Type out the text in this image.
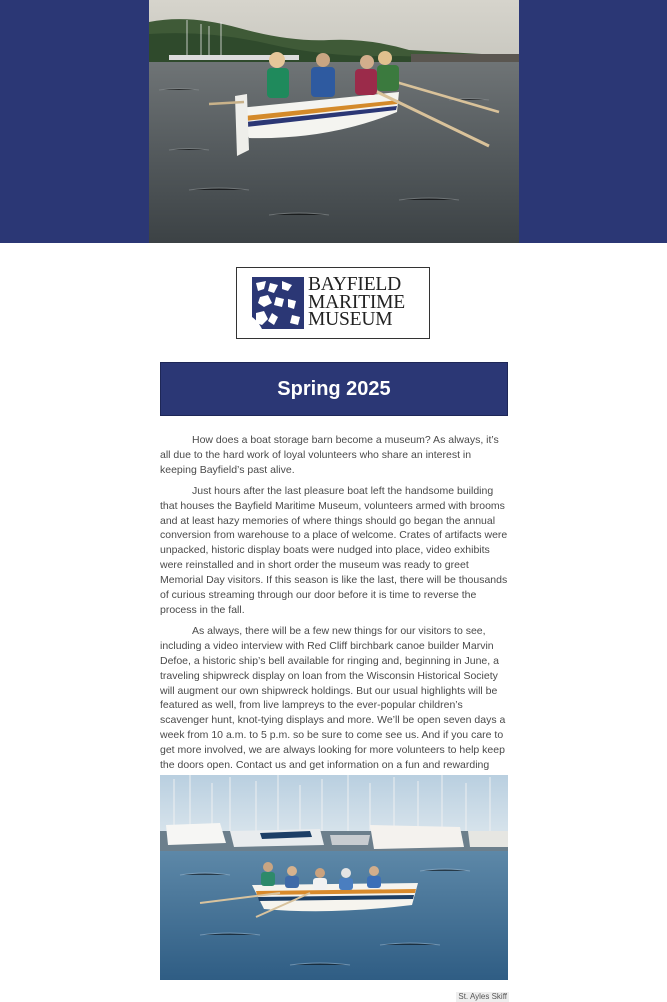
BAYFIELD
MARITIME
MUSEUM
Spring 2025

How does a boat storage barn become a museum? As always, it’s all due to the hard work of loyal volunteers who share an interest in keeping Bayfield’s past alive.

Just hours after the last pleasure boat left the handsome building that houses the Bayfield Maritime Museum, volunteers armed with brooms and at least hazy memories of where things should go began the annual conversion from warehouse to a place of welcome. Crates of artifacts were unpacked, historic display boats were nudged into place, video exhibits were reinstalled and in short order the museum was ready to greet Memorial Day visitors. If this season is like the last, there will be thousands of curious streaming through our door before it is time to reverse the process in the fall.

As always, there will be a few new things for our visitors to see, including a video interview with Red Cliff birchbark canoe builder Marvin Defoe, a historic ship’s bell available for ringing and, beginning in June, a traveling shipwreck display on loan from the Wisconsin Historical Society will augment our own shipwreck holdings. But our usual highlights will be featured as well, from live lampreys to the ever-popular children’s scavenger hunt, knot-tying displays and more. We’ll be open seven days a week from 10 a.m. to 5 p.m. so be sure to come see us. And if you care to get more involved, we are always looking for more volunteers to help keep the doors open. Contact us and get information on a fun and rewarding

St. Ayles Skiff
